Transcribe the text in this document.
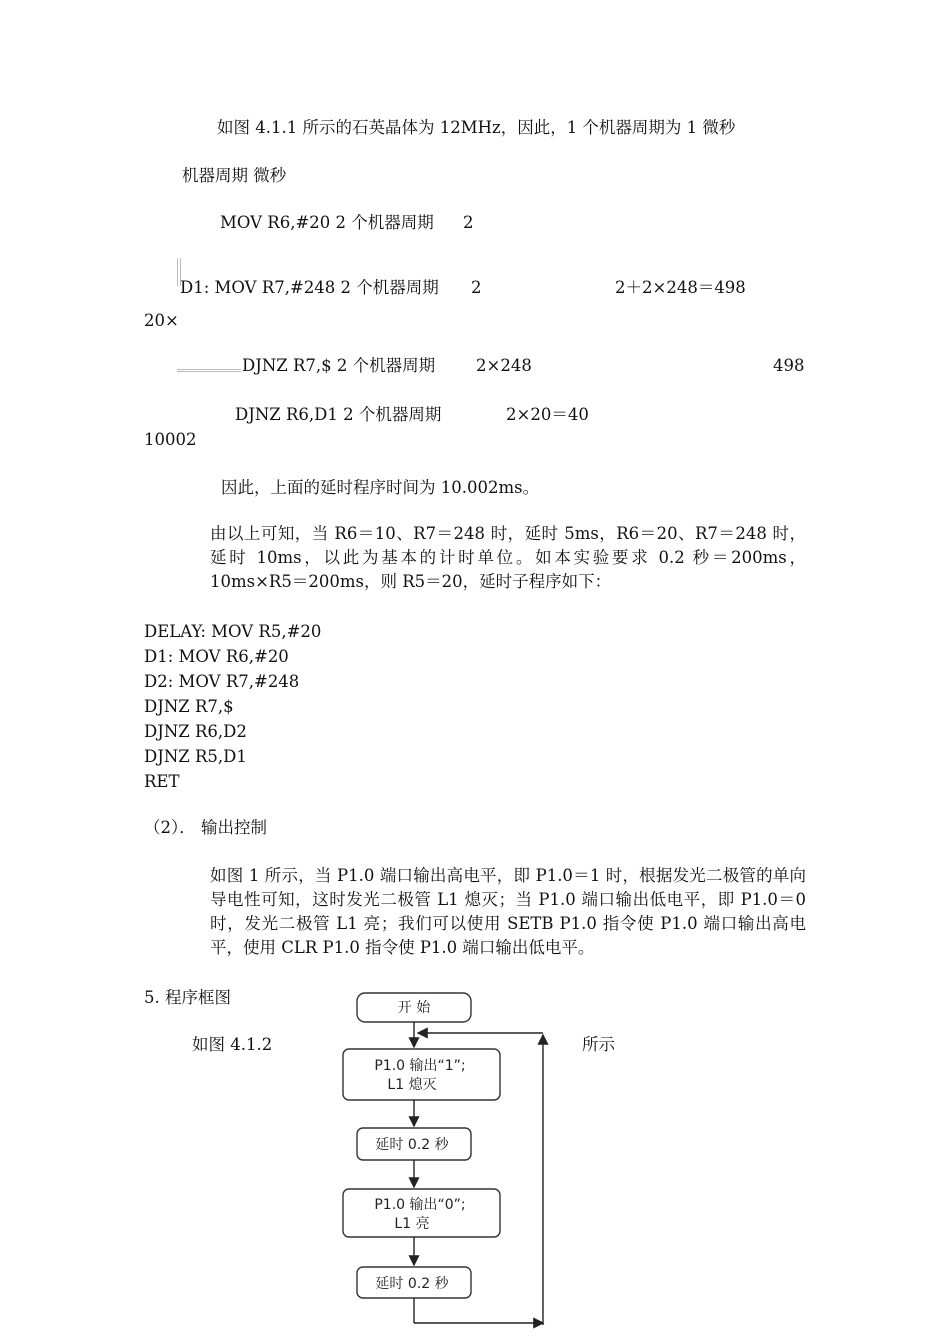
如图 4.1.1 所示的石英晶体为 12MHz，因此，1 个机器周期为 1 微秒
机器周期 微秒
MOV R6,#20 2 个机器周期 2
D1: MOV R7,#248 2 个机器周期 2	2＋2×248＝498
20×
DJNZ R7,$ 2 个机器周期 2×248	498
DJNZ R6,D1 2 个机器周期	2×20＝40
10002
因此，上面的延时程序时间为 10.002ms。
由以上可知，当 R6＝10、R7＝248 时，延时 5ms，R6＝20、R7＝248 时，延时 10ms，以此为基本的计时单位。如本实验要求 0.2 秒＝200ms，10ms×R5＝200ms，则 R5＝20，延时子程序如下：
DELAY: MOV R5,#20
D1: MOV R6,#20
D2: MOV R7,#248
DJNZ R7,$
DJNZ R6,D2
DJNZ R5,D1
RET
（2）． 输出控制
如图 1 所示，当 P1.0 端口输出高电平，即 P1.0＝1 时，根据发光二极管的单向导电性可知，这时发光二极管 L1 熄灭；当 P1.0 端口输出低电平，即 P1.0＝0 时，发光二极管 L1 亮；我们可以使用 SETB P1.0 指令使 P1.0 端口输出高电平，使用 CLR P1.0 指令使 P1.0 端口输出低电平。
5. 程序框图
如图 4.1.2	所示
开 始
P1.0 输出“1”;
L1 熄灭
延时 0.2 秒
P1.0 输出“0”;
L1 亮
延时 0.2 秒
